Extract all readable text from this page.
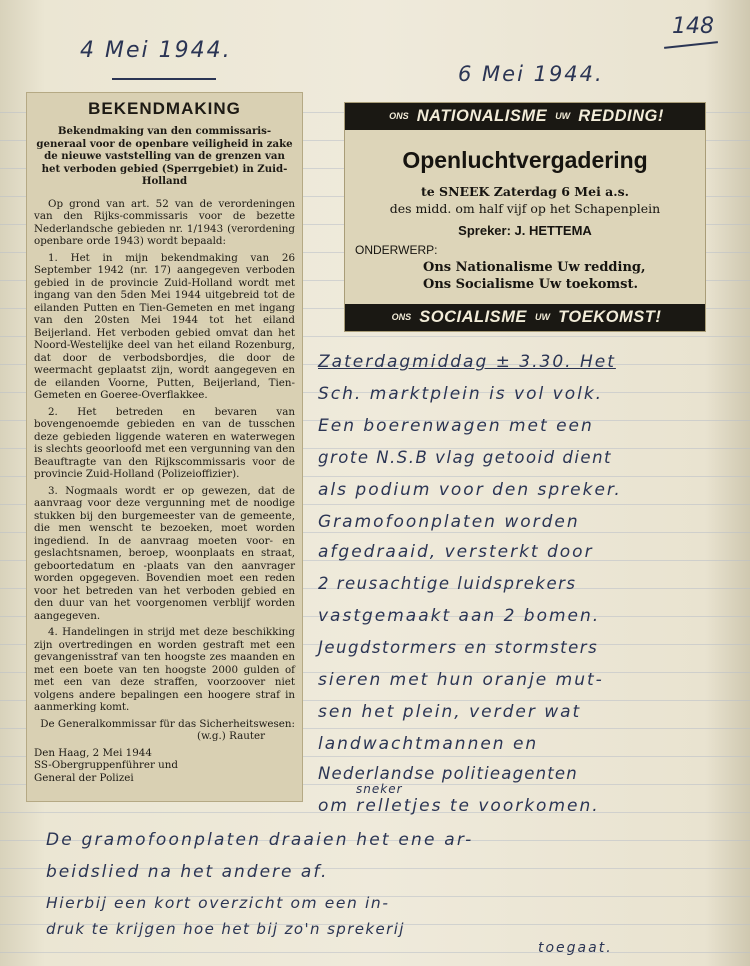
148
4 Mei 1944.
6 Mei 1944.
BEKENDMAKING
Bekendmaking van den commissaris-generaal voor de openbare veiligheid in zake de nieuwe vaststelling van de grenzen van het verboden gebied (Sperrgebiet) in Zuid-Holland

Op grond van art. 52 van de verordeningen van den Rijks-commissaris voor de bezette Nederlandsche gebieden nr. 1/1943 (verordening openbare orde 1943) wordt bepaald:

1. Het in mijn bekendmaking van 26 September 1942 (nr. 17) aangegeven verboden gebied in de provincie Zuid-Holland wordt met ingang van den 5den Mei 1944 uitgebreid tot de eilanden Putten en Tien-Gemeten en met ingang van den 20sten Mei 1944 tot het eiland Beijerland. Het verboden gebied omvat dan het Noord-Westelijke deel van het eiland Rozenburg, dat door de verbodsbordjes, die door de weermacht geplaatst zijn, wordt aangegeven en de eilanden Voorne, Putten, Beijerland, Tien-Gemeten en Goeree-Overflakkee.

2. Het betreden en bevaren van bovengenoemde gebieden en van de tusschen deze gebieden liggende wateren en waterwegen is slechts geoorloofd met een vergunning van den Beauftragte van den Rijkscommissaris voor de provincie Zuid-Holland (Polizeioffizier).

3. Nogmaals wordt er op gewezen, dat de aanvraag voor deze vergunning met de noodige stukken bij den burgemeester van de gemeente, die men wenscht te bezoeken, moet worden ingediend. In de aanvraag moeten voor- en geslachtsnamen, beroep, woonplaats en straat, geboortedatum en -plaats van den aanvrager worden opgegeven. Bovendien moet een reden voor het betreden van het verboden gebied en den duur van het voorgenomen verblijf worden aangegeven.

4. Handelingen in strijd met deze beschikking zijn overtredingen en worden gestraft met een gevangenisstraf van ten hoogste zes maanden en met een boete van ten hoogste 2000 gulden of met een van deze straffen, voorzoover niet volgens andere bepalingen een hoogere straf in aanmerking komt.

De Generalkommissar für das Sicherheitswesen:

(w.g.) Rauter

Den Haag, 2 Mei 1944

SS-Obergruppenführer und

General der Polizei

ONS NATIONALISME UW REDDING!
Openluchtvergadering
te SNEEK Zaterdag 6 Mei a.s.
des midd. om half vijf op het Schapenplein
Spreker: J. HETTEMA
ONDERWERP:
Ons Nationalisme Uw redding,
Ons Socialisme Uw toekomst.
ONS SOCIALISME UW TOEKOMST!
Zaterdagmiddag ± 3.30. Het
Sch. marktplein is vol volk.
Een boerenwagen met een
grote N.S.B vlag getooid dient
als podium voor den spreker.
Gramofoonplaten worden
afgedraaid, versterkt door
2 reusachtige luidsprekers
vastgemaakt aan 2 bomen.
Jeugdstormers en stormsters
sieren met hun oranje mut-
sen het plein, verder wat
landwachtmannen en
Nederlandse politieagenten
sneker
om relletjes te voorkomen.
De gramofoonplaten draaien het ene ar-
beidslied na het andere af.
Hierbij een kort overzicht om een in-
druk te krijgen hoe het bij zo'n sprekerij
toegaat.
